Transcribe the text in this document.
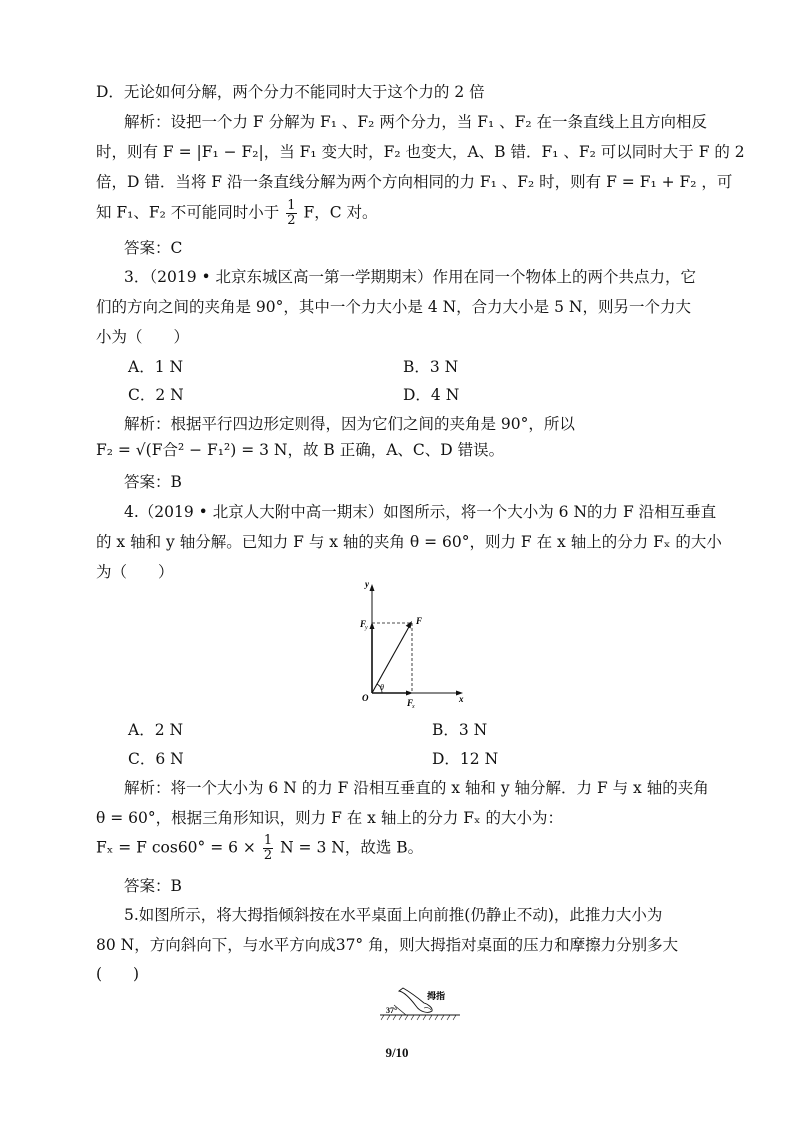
D．无论如何分解，两个分力不能同时大于这个力的 2 倍
解析：设把一个力 F 分解为 F₁ 、F₂ 两个分力，当 F₁ 、F₂ 在一条直线上且方向相反
时，则有 F = |F₁ − F₂|，当 F₁ 变大时，F₂ 也变大，A、B 错．F₁ 、F₂ 可以同时大于 F 的 2
倍，D 错．当将 F 沿一条直线分解为两个方向相同的力 F₁ 、F₂ 时，则有 F = F₁ + F₂ ，可
知 F₁、F₂ 不可能同时小于 $\frac{1}{2}$ F，C 对。
答案：C
3．（2019 • 北京东城区高一第一学期期末）作用在同一个物体上的两个共点力，它
们的方向之间的夹角是 90°，其中一个力大小是 4 N，合力大小是 5 N，则另一个力大
小为（　　）
A．1 N	B．3 N
C．2 N	D．4 N
解析：根据平行四边形定则得，因为它们之间的夹角是 90°，所以
F₂ = √(F合² − F₁²) = 3 N，故 B 正确，A、C、D 错误。
答案：B
4.（2019 • 北京人大附中高一期末）如图所示，将一个大小为 6 N的力 F 沿相互垂直
的 x 轴和 y 轴分解。已知力 F 与 x 轴的夹角 θ = 60°，则力 F 在 x 轴上的分力 Fₓ 的大小
为（　　）
y
F
y
F
O
θ
F
x
x
A．2 N	B．3 N
C．6 N	D．12 N
解析：将一个大小为 6 N 的力 F 沿相互垂直的 x 轴和 y 轴分解．力 F 与 x 轴的夹角
θ = 60°，根据三角形知识，则力 F 在 x 轴上的分力 Fₓ 的大小为：
Fₓ = F $\cos 60^\circ = 6 \times \frac{1}{2}$ N = 3 N，故选 B。
答案：B
5.如图所示，将大拇指倾斜按在水平桌面上向前推(仍静止不动)，此推力大小为
80 N，方向斜向下，与水平方向成37° 角，则大拇指对桌面的压力和摩擦力分别多大
(　　)
37°
拇指
9/10
